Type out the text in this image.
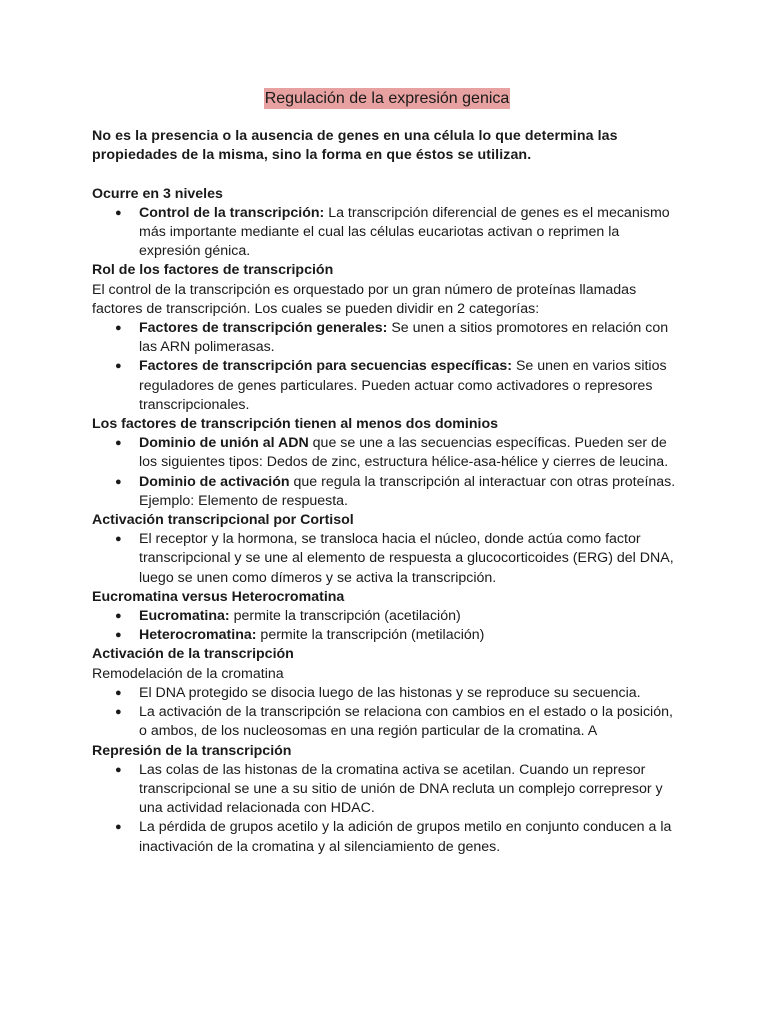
Regulación de la expresión genica

No es la presencia o la ausencia de genes en una célula lo que determina las propiedades de la misma, sino la forma en que éstos se utilizan.

Ocurre en 3 niveles

● Control de la transcripción: La transcripción diferencial de genes es el mecanismo más importante mediante el cual las células eucariotas activan o reprimen la expresión génica.

Rol de los factores de transcripción

El control de la transcripción es orquestado por un gran número de proteínas llamadas factores de transcripción. Los cuales se pueden dividir en 2 categorías:

● Factores de transcripción generales: Se unen a sitios promotores en relación con las ARN polimerasas.
● Factores de transcripción para secuencias específicas: Se unen en varios sitios reguladores de genes particulares. Pueden actuar como activadores o represores transcripcionales.

Los factores de transcripción tienen al menos dos dominios

● Dominio de unión al ADN que se une a las secuencias específicas. Pueden ser de los siguientes tipos: Dedos de zinc, estructura hélice-asa-hélice y cierres de leucina.
● Dominio de activación que regula la transcripción al interactuar con otras proteínas. Ejemplo: Elemento de respuesta.

Activación transcripcional por Cortisol

● El receptor y la hormona, se transloca hacia el núcleo, donde actúa como factor transcripcional y se une al elemento de respuesta a glucocorticoides (ERG) del DNA, luego se unen como dímeros y se activa la transcripción.

Eucromatina versus Heterocromatina

● Eucromatina: permite la transcripción (acetilación)
● Heterocromatina: permite la transcripción (metilación)

Activación de la transcripción

Remodelación de la cromatina

● El DNA protegido se disocia luego de las histonas y se reproduce su secuencia.
● La activación de la transcripción se relaciona con cambios en el estado o la posición, o ambos, de los nucleosomas en una región particular de la cromatina. A

Represión de la transcripción

● Las colas de las histonas de la cromatina activa se acetilan. Cuando un represor transcripcional se une a su sitio de unión de DNA recluta un complejo correpresor y una actividad relacionada con HDAC.
● La pérdida de grupos acetilo y la adición de grupos metilo en conjunto conducen a la inactivación de la cromatina y al silenciamiento de genes.
